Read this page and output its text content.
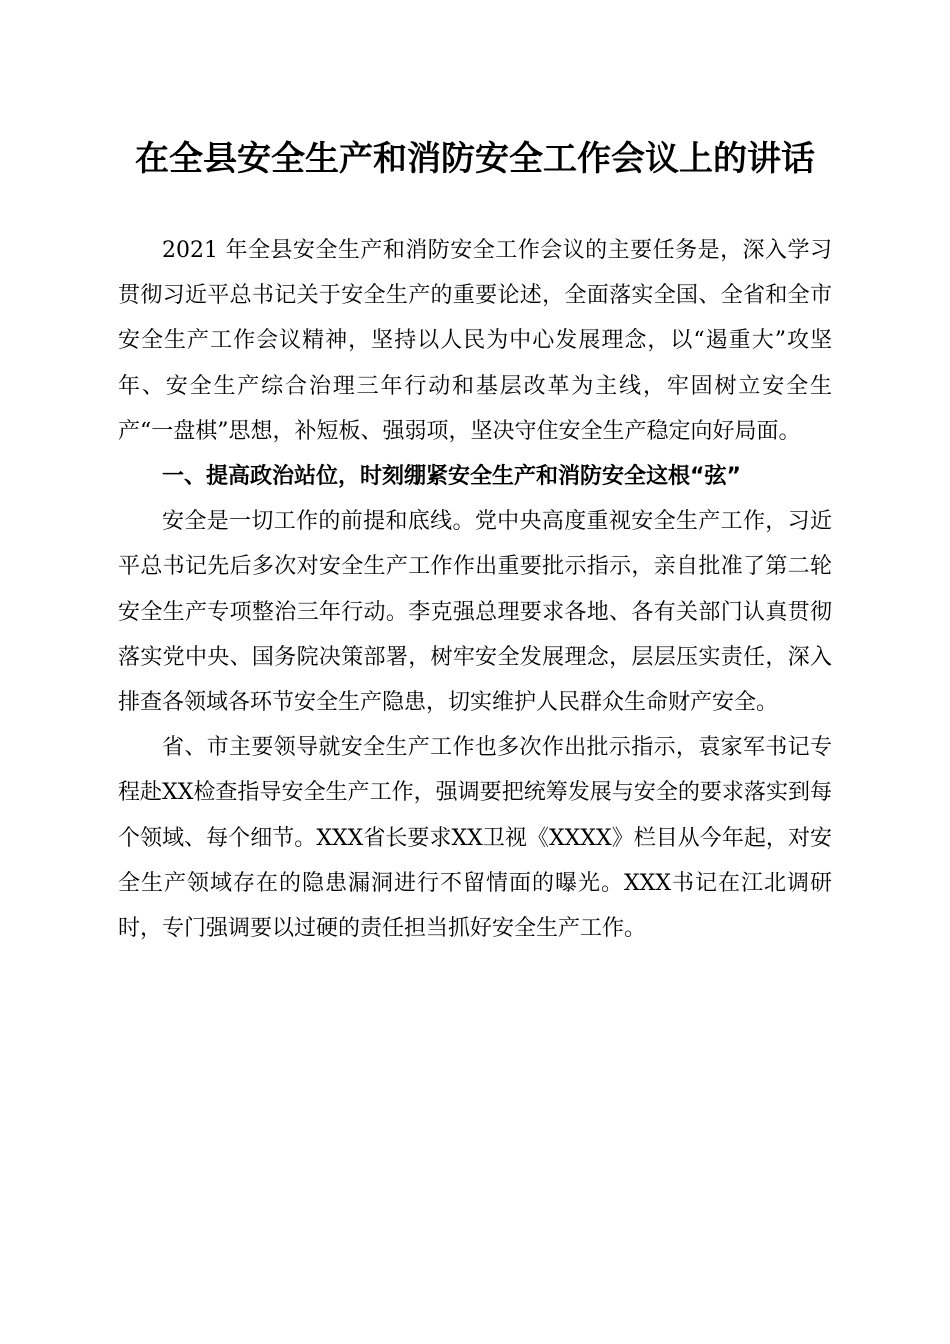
在全县安全生产和消防安全工作会议上的讲话

2021 年全县安全生产和消防安全工作会议的主要任务是，深入学习贯彻习近平总书记关于安全生产的重要论述，全面落实全国、全省和全市安全生产工作会议精神，坚持以人民为中心发展理念，以“遏重大”攻坚年、安全生产综合治理三年行动和基层改革为主线，牢固树立安全生产“一盘棋”思想，补短板、强弱项，坚决守住安全生产稳定向好局面。

一、提高政治站位，时刻绷紧安全生产和消防安全这根“弦”

安全是一切工作的前提和底线。党中央高度重视安全生产工作，习近平总书记先后多次对安全生产工作作出重要批示指示，亲自批准了第二轮安全生产专项整治三年行动。李克强总理要求各地、各有关部门认真贯彻落实党中央、国务院决策部署，树牢安全发展理念，层层压实责任，深入排查各领域各环节安全生产隐患，切实维护人民群众生命财产安全。

省、市主要领导就安全生产工作也多次作出批示指示，袁家军书记专程赴XX检查指导安全生产工作，强调要把统筹发展与安全的要求落实到每个领域、每个细节。XXX省长要求XX卫视《XXXX》栏目从今年起，对安全生产领域存在的隐患漏洞进行不留情面的曝光。XXX书记在江北调研时，专门强调要以过硬的责任担当抓好安全生产工作。
